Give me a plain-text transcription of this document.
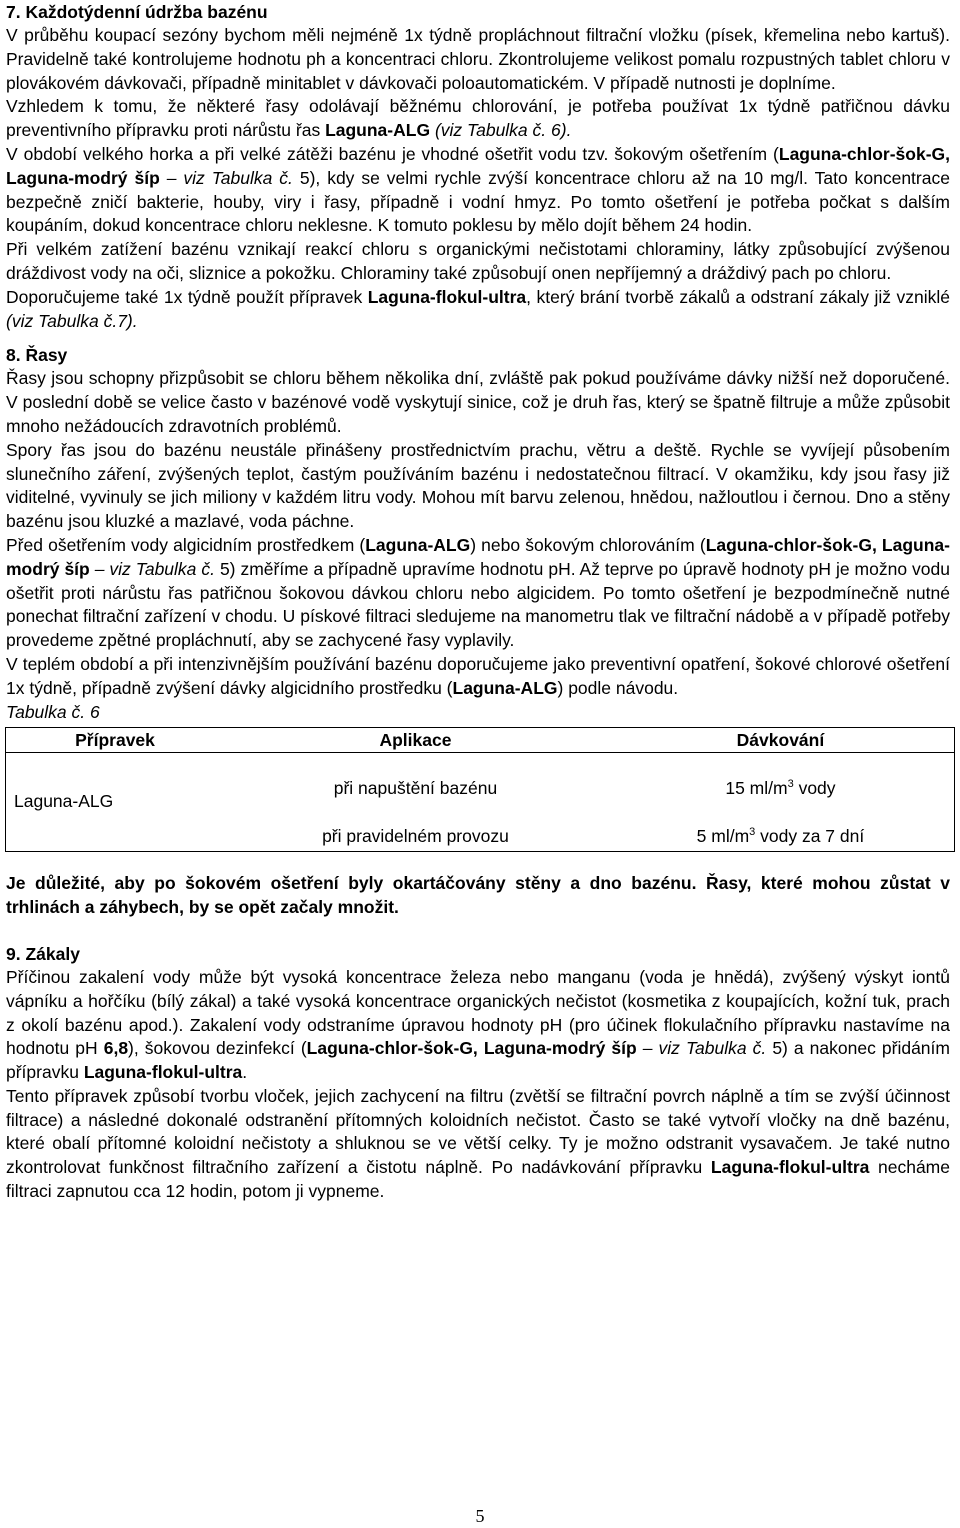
7. Každotýdenní údržba bazénu

V průběhu koupací sezóny bychom měli nejméně 1x týdně propláchnout filtrační vložku (písek, křemelina nebo kartuš). Pravidelně také kontrolujeme hodnotu ph a koncentraci chloru. Zkontrolujeme velikost pomalu rozpustných tablet chloru v plovákovém dávkovači, případně minitablet v dávkovači poloautomatickém. V případě nutnosti je doplníme.

Vzhledem k tomu, že některé řasy odolávají běžnému chlorování, je potřeba používat 1x týdně patřičnou dávku preventivního přípravku proti nárůstu řas Laguna-ALG (viz Tabulka č. 6).

V období velkého horka a při velké zátěži bazénu je vhodné ošetřit vodu tzv. šokovým ošetřením (Laguna-chlor-šok-G, Laguna-modrý šíp – viz Tabulka č. 5), kdy se velmi rychle zvýší koncentrace chloru až na 10 mg/l. Tato koncentrace bezpečně zničí bakterie, houby, viry i řasy, případně i vodní hmyz. Po tomto ošetření je potřeba počkat s dalším koupáním, dokud koncentrace chloru neklesne. K tomuto poklesu by mělo dojít během 24 hodin.

Při velkém zatížení bazénu vznikají reakcí chloru s organickými nečistotami chloraminy, látky způsobující zvýšenou dráždivost vody na oči, sliznice a pokožku. Chloraminy také způsobují onen nepříjemný a dráždivý pach po chloru.

Doporučujeme také 1x týdně použít přípravek Laguna-flokul-ultra, který brání tvorbě zákalů a odstraní zákaly již vzniklé (viz Tabulka č.7).

8. Řasy

Řasy jsou schopny přizpůsobit se chloru během několika dní, zvláště pak pokud používáme dávky nižší než doporučené. V poslední době se velice často v bazénové vodě vyskytují sinice, což je druh řas, který se špatně filtruje a může způsobit mnoho nežádoucích zdravotních problémů.

Spory řas jsou do bazénu neustále přinášeny prostřednictvím prachu, větru a deště. Rychle se vyvíjejí působením slunečního záření, zvýšených teplot, častým používáním bazénu i nedostatečnou filtrací. V okamžiku, kdy jsou řasy již viditelné, vyvinuly se jich miliony v každém litru vody. Mohou mít barvu zelenou, hnědou, nažloutlou i černou. Dno a stěny bazénu jsou kluzké a mazlavé, voda páchne.

Před ošetřením vody algicidním prostředkem (Laguna-ALG) nebo šokovým chlorováním (Laguna-chlor-šok-G, Laguna-modrý šíp – viz Tabulka č. 5) změříme a případně upravíme hodnotu pH. Až teprve po úpravě hodnoty pH je možno vodu ošetřit proti nárůstu řas patřičnou šokovou dávkou chloru nebo algicidem. Po tomto ošetření je bezpodmínečně nutné ponechat filtrační zařízení v chodu. U pískové filtraci sledujeme na manometru tlak ve filtrační nádobě a v případě potřeby provedeme zpětné propláchnutí, aby se zachycené řasy vyplavily.

V teplém období a při intenzivnějším používání bazénu doporučujeme jako preventivní opatření, šokové chlorové ošetření 1x týdně, případně zvýšení dávky algicidního prostředku (Laguna-ALG) podle návodu.

Tabulka č. 6

Přípravek	Aplikace	Dávkování
Laguna-ALG	při napuštění bazénu	15 $ml/m^3$ vody
	při pravidelném provozu	5 $ml/m^3$ vody za 7 dní

Je důležité, aby po šokovém ošetření byly okartáčovány stěny a dno bazénu. Řasy, které mohou zůstat v trhlinách a záhybech, by se opět začaly množit.

9. Zákaly

Příčinou zakalení vody může být vysoká koncentrace železa nebo manganu (voda je hnědá), zvýšený výskyt iontů vápníku a hořčíku (bílý zákal) a také vysoká koncentrace organických nečistot (kosmetika z koupajících, kožní tuk, prach z okolí bazénu apod.). Zakalení vody odstraníme úpravou hodnoty pH (pro účinek flokulačního přípravku nastavíme na hodnotu pH 6,8), šokovou dezinfekcí (Laguna-chlor-šok-G, Laguna-modrý šíp – viz Tabulka č. 5) a nakonec přidáním přípravku Laguna-flokul-ultra.

Tento přípravek způsobí tvorbu vloček, jejich zachycení na filtru (zvětší se filtrační povrch náplně a tím se zvýší účinnost filtrace) a následné dokonalé odstranění přítomných koloidních nečistot. Často se také vytvoří vločky na dně bazénu, které obalí přítomné koloidní nečistoty a shluknou se ve větší celky. Ty je možno odstranit vysavačem. Je také nutno zkontrolovat funkčnost filtračního zařízení a čistotu náplně. Po nadávkování přípravku Laguna-flokul-ultra necháme filtraci zapnutou cca 12 hodin, potom ji vypneme.

5
